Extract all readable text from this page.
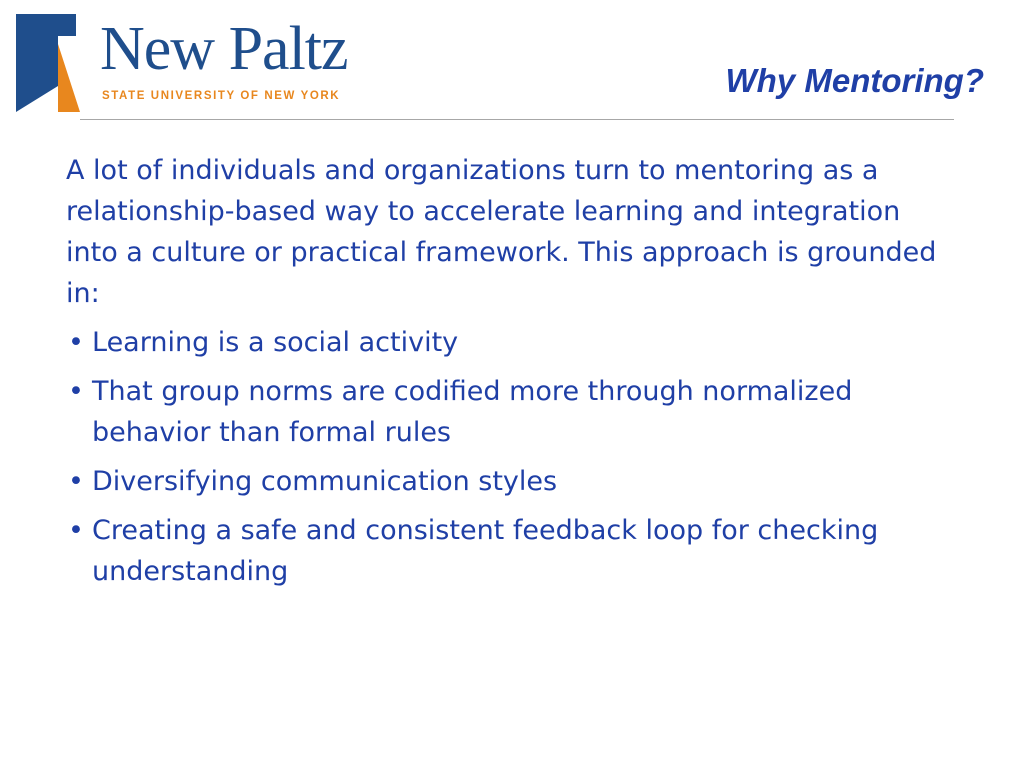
New Paltz
STATE UNIVERSITY OF NEW YORK	Why Mentoring?

A lot of individuals and organizations turn to mentoring as a relationship-based way to accelerate learning and integration into a culture or practical framework. This approach is grounded in:

• Learning is a social activity
• That group norms are codified more through normalized behavior than formal rules
• Diversifying communication styles
• Creating a safe and consistent feedback loop for checking understanding
